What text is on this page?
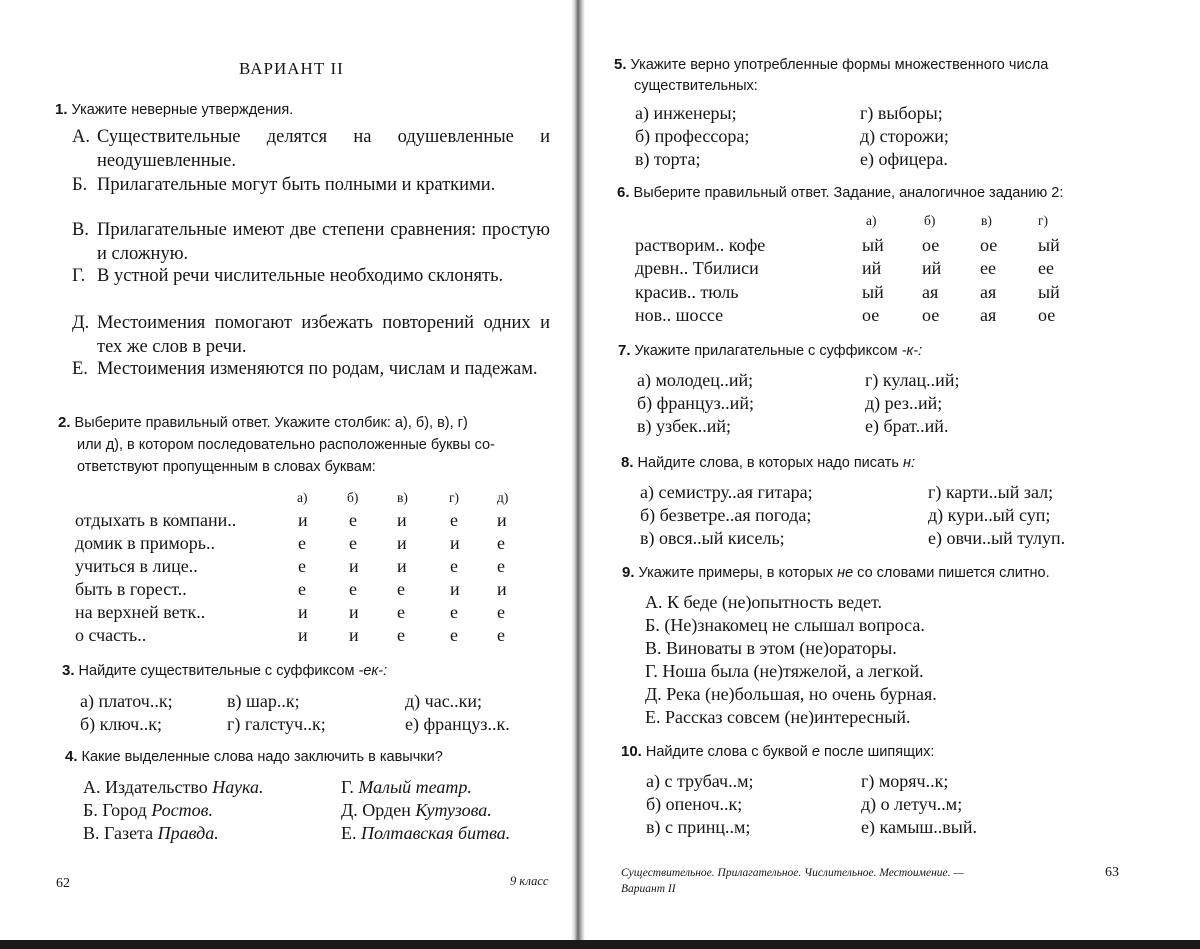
ВАРИАНТ II
1. Укажите неверные утверждения.
А. Существительные делятся на одушевленные и неодушевленные.
Б. Прилагательные могут быть полными и краткими.
В. Прилагательные имеют две степени сравнения: простую и сложную.
Г. В устной речи числительные необходимо склонять.
Д. Местоимения помогают избежать повторений одних и тех же слов в речи.
Е. Местоимения изменяются по родам, числам и падежам.
2. Выберите правильный ответ. Укажите столбик: а), б), в), г)
или д), в котором последовательно расположенные буквы со-
ответствуют пропущенным в словах буквам:
а)	б)	в)	г)	д)
отдыхать в компани..	и е и е и
домик в приморь..	е е и и е
учиться в лице..	е и и е е
быть в горест..	е е е	и и
на верхней ветк..	и и е	е е
о счасть..	и и е	е е
3. Найдите существительные с суффиксом -ек-:
а) платоч..к;	в) шар..к;	д) час..ки;
б) ключ..к;	г) галстуч..к;	е) француз..к.
4. Какие выделенные слова надо заключить в кавычки?
А. Издательство Наука.	Г. Малый театр.
Б. Город Ростов.	Д. Орден Кутузова.
В. Газета Правда.	Е. Полтавская битва.
62	9 класс
5. Укажите верно употребленные формы множественного числа
существительных:
а) инженеры;	г) выборы;
б) профессора;	д) сторожи;
в) торта;	е) офицера.
6. Выберите правильный ответ. Задание, аналогичное заданию 2:
а)	б)	в)	г)
растворим.. кофе	ый ое ое ый
древн.. Тбилиси	ий ий ее ее
красив.. тюль	ый ая ая ый
нов.. шоссе	ое ое ая ое
7. Укажите прилагательные с суффиксом -к-:
а) молодец..ий;	г) кулац..ий;
б) француз..ий;	д) рез..ий;
в) узбек..ий;	е) брат..ий.
8. Найдите слова, в которых надо писать н:
а) семистру..ая гитара;	г) карти..ый зал;
б) безветре..ая погода;	д) кури..ый суп;
в) овся..ый кисель;	е) овчи..ый тулуп.
9. Укажите примеры, в которых не со словами пишется слитно.
А. К беде (не)опытность ведет.
Б. (Не)знакомец не слышал вопроса.
В. Виноваты в этом (не)ораторы.
Г. Ноша была (не)тяжелой, а легкой.
Д. Река (не)большая, но очень бурная.
Е. Рассказ совсем (не)интересный.
10. Найдите слова с буквой е после шипящих:
а) с трубач..м;	г) моряч..к;
б) опеноч..к;	д) о летуч..м;
в) с принц..м;	е) камыш..вый.
Существительное. Прилагательное. Числительное. Местоимение. —
Вариант II
63
